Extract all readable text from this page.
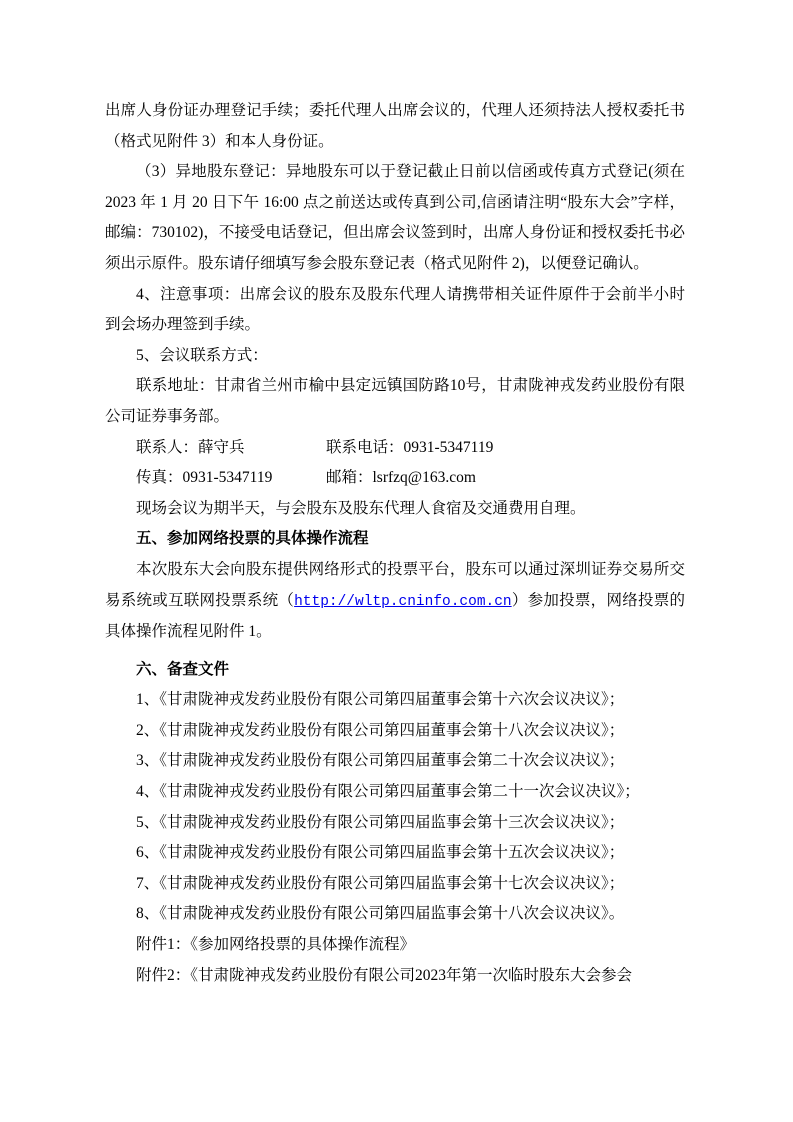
出席人身份证办理登记手续；委托代理人出席会议的，代理人还须持法人授权委托书（格式见附件 3）和本人身份证。

（3）异地股东登记：异地股东可以于登记截止日前以信函或传真方式登记(须在 2023 年 1 月 20 日下午 16:00 点之前送达或传真到公司,信函请注明“股东大会”字样，邮编：730102)，不接受电话登记，但出席会议签到时，出席人身份证和授权委托书必须出示原件。股东请仔细填写参会股东登记表（格式见附件 2)，以便登记确认。

4、注意事项：出席会议的股东及股东代理人请携带相关证件原件于会前半小时到会场办理签到手续。

5、会议联系方式：

联系地址：甘肃省兰州市榆中县定远镇国防路10号，甘肃陇神戎发药业股份有限公司证券事务部。

联系人：薛守兵	联系电话：0931-5347119
传真：0931-5347119	邮箱：lsrfzq@163.com

现场会议为期半天，与会股东及股东代理人食宿及交通费用自理。

五、参加网络投票的具体操作流程

本次股东大会向股东提供网络形式的投票平台，股东可以通过深圳证券交易所交易系统或互联网投票系统（http://wltp.cninfo.com.cn）参加投票，网络投票的具体操作流程见附件 1。

六、备查文件

1、《甘肃陇神戎发药业股份有限公司第四届董事会第十六次会议决议》；

2、《甘肃陇神戎发药业股份有限公司第四届董事会第十八次会议决议》；

3、《甘肃陇神戎发药业股份有限公司第四届董事会第二十次会议决议》；

4、《甘肃陇神戎发药业股份有限公司第四届董事会第二十一次会议决议》；

5、《甘肃陇神戎发药业股份有限公司第四届监事会第十三次会议决议》；

6、《甘肃陇神戎发药业股份有限公司第四届监事会第十五次会议决议》；

7、《甘肃陇神戎发药业股份有限公司第四届监事会第十七次会议决议》；

8、《甘肃陇神戎发药业股份有限公司第四届监事会第十八次会议决议》。

附件1：《参加网络投票的具体操作流程》

附件2：《甘肃陇神戎发药业股份有限公司2023年第一次临时股东大会参会
